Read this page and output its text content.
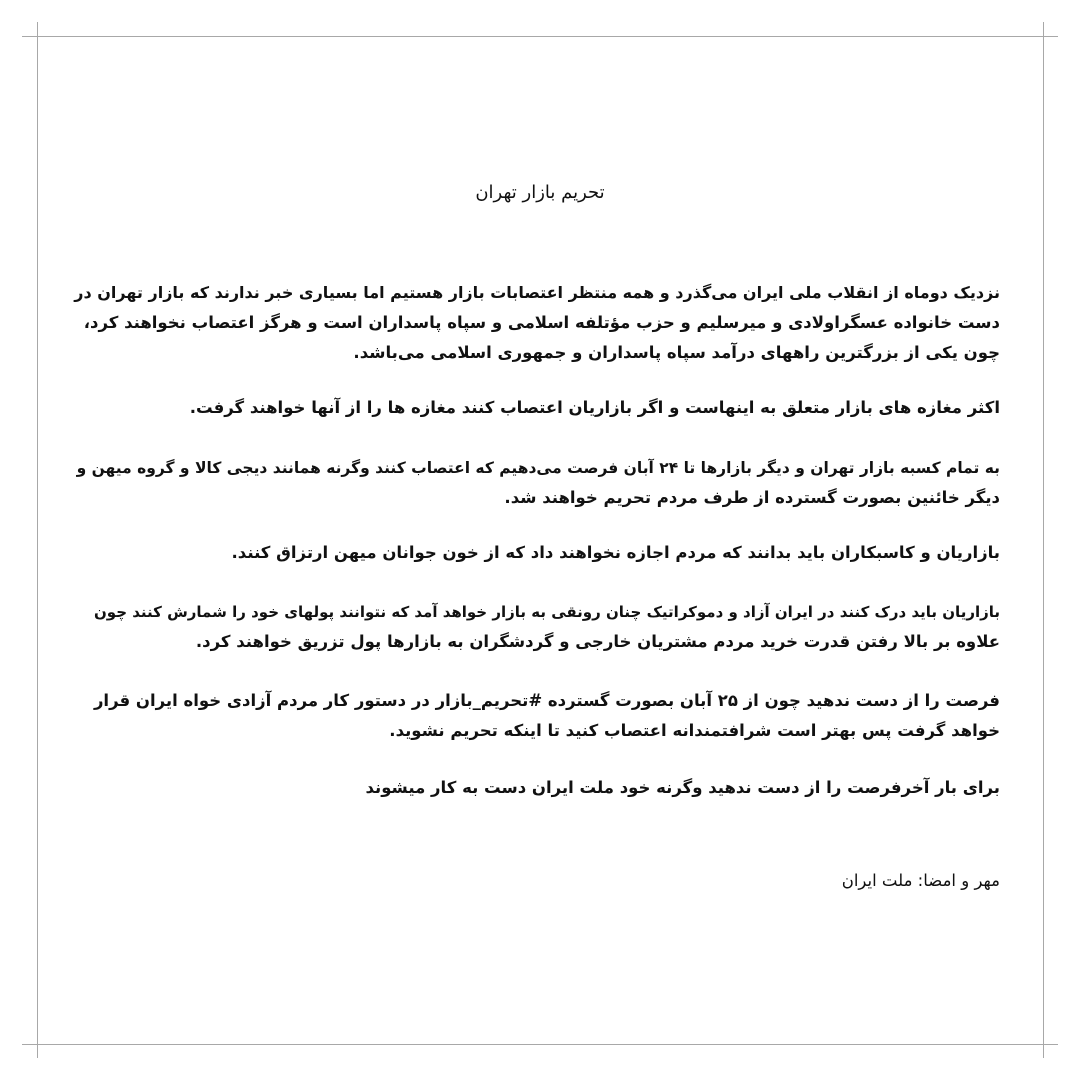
تحریم بازار تهران

نزدیک دوماه از انقلاب ملی ایران می‌گذرد و همه منتظر اعتصابات بازار هستیم اما بسیاری خبر ندارند که بازار تهران در
دست خانواده عسگراولادی و میرسلیم و حزب مؤتلفه اسلامی و سپاه پاسداران است و هرگز اعتصاب نخواهند کرد،
چون یکی از بزرگترین راههای درآمد سپاه پاسداران و جمهوری اسلامی می‌باشد.

اکثر مغازه های بازار متعلق به اینهاست و اگر بازاریان اعتصاب کنند مغازه ها را از آنها خواهند گرفت.

به تمام کسبه بازار تهران و دیگر بازارها تا ۲۴ آبان فرصت می‌دهیم که اعتصاب کنند وگرنه همانند دیجی کالا و گروه میهن و
دیگر خائنین بصورت گسترده از طرف مردم تحریم خواهند شد.

بازاریان و کاسبکاران باید بدانند که مردم اجازه نخواهند داد که از خون جوانان میهن ارتزاق کنند.

بازاریان باید درک کنند در ایران آزاد و دموکراتیک چنان رونقی به بازار خواهد آمد که نتوانند پولهای خود را شمارش کنند چون
علاوه بر بالا رفتن قدرت خرید مردم مشتریان خارجی و گردشگران به بازارها پول تزریق خواهند کرد.

فرصت را از دست ندهید چون از ۲۵ آبان بصورت گسترده #تحریم_بازار در دستور کار مردم آزادی خواه ایران قرار
خواهد گرفت پس بهتر است شرافتمندانه اعتصاب کنید تا اینکه تحریم نشوید.

برای بار آخرفرصت را از دست ندهید وگرنه خود ملت ایران دست به کار میشوند

مهر و امضا: ملت ایران
